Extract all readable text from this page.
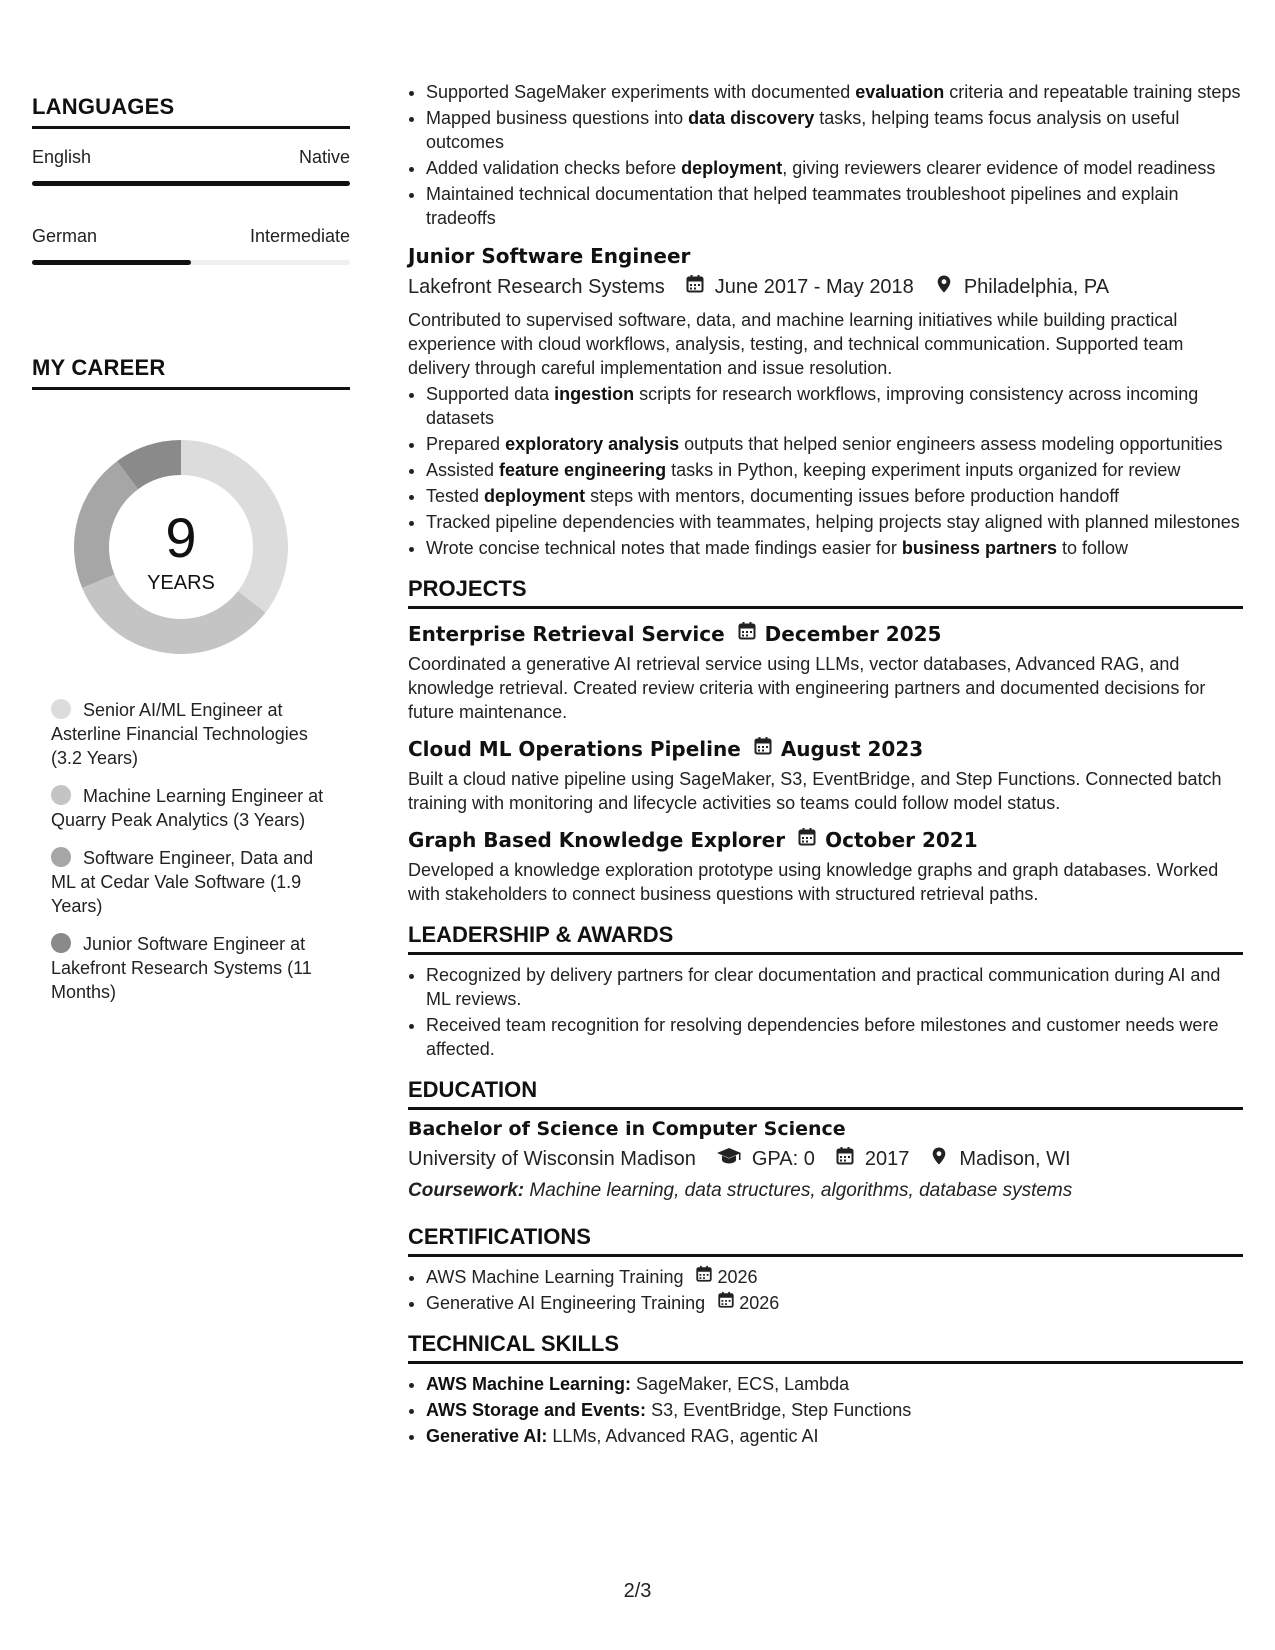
LANGUAGES
English	Native
German	Intermediate
MY CAREER
9
YEARS
Senior AI/ML Engineer at Asterline Financial Technologies (3.2 Years)
Machine Learning Engineer at Quarry Peak Analytics (3 Years)
Software Engineer, Data and ML at Cedar Vale Software (1.9 Years)
Junior Software Engineer at Lakefront Research Systems (11 Months)
• Supported SageMaker experiments with documented evaluation criteria and repeatable training steps
• Mapped business questions into data discovery tasks, helping teams focus analysis on useful outcomes
• Added validation checks before deployment, giving reviewers clearer evidence of model readiness
• Maintained technical documentation that helped teammates troubleshoot pipelines and explain tradeoffs
Junior Software Engineer
Lakefront Research Systems	June 2017 - May 2018	Philadelphia, PA
Contributed to supervised software, data, and machine learning initiatives while building practical experience with cloud workflows, analysis, testing, and technical communication. Supported team delivery through careful implementation and issue resolution.
• Supported data ingestion scripts for research workflows, improving consistency across incoming datasets
• Prepared exploratory analysis outputs that helped senior engineers assess modeling opportunities
• Assisted feature engineering tasks in Python, keeping experiment inputs organized for review
• Tested deployment steps with mentors, documenting issues before production handoff
• Tracked pipeline dependencies with teammates, helping projects stay aligned with planned milestones
• Wrote concise technical notes that made findings easier for business partners to follow
PROJECTS
Enterprise Retrieval Service December 2025
Coordinated a generative AI retrieval service using LLMs, vector databases, Advanced RAG, and knowledge retrieval. Created review criteria with engineering partners and documented decisions for future maintenance.
Cloud ML Operations Pipeline August 2023
Built a cloud native pipeline using SageMaker, S3, EventBridge, and Step Functions. Connected batch training with monitoring and lifecycle activities so teams could follow model status.
Graph Based Knowledge Explorer October 2021
Developed a knowledge exploration prototype using knowledge graphs and graph databases. Worked with stakeholders to connect business questions with structured retrieval paths.
LEADERSHIP & AWARDS
• Recognized by delivery partners for clear documentation and practical communication during AI and ML reviews.
• Received team recognition for resolving dependencies before milestones and customer needs were affected.
EDUCATION
Bachelor of Science in Computer Science
University of Wisconsin Madison	GPA: 0	2017	Madison, WI
Coursework: Machine learning, data structures, algorithms, database systems
CERTIFICATIONS
• AWS Machine Learning Training 2026
• Generative AI Engineering Training 2026
TECHNICAL SKILLS
• AWS Machine Learning: SageMaker, ECS, Lambda
• AWS Storage and Events: S3, EventBridge, Step Functions
• Generative AI: LLMs, Advanced RAG, agentic AI
2/3
